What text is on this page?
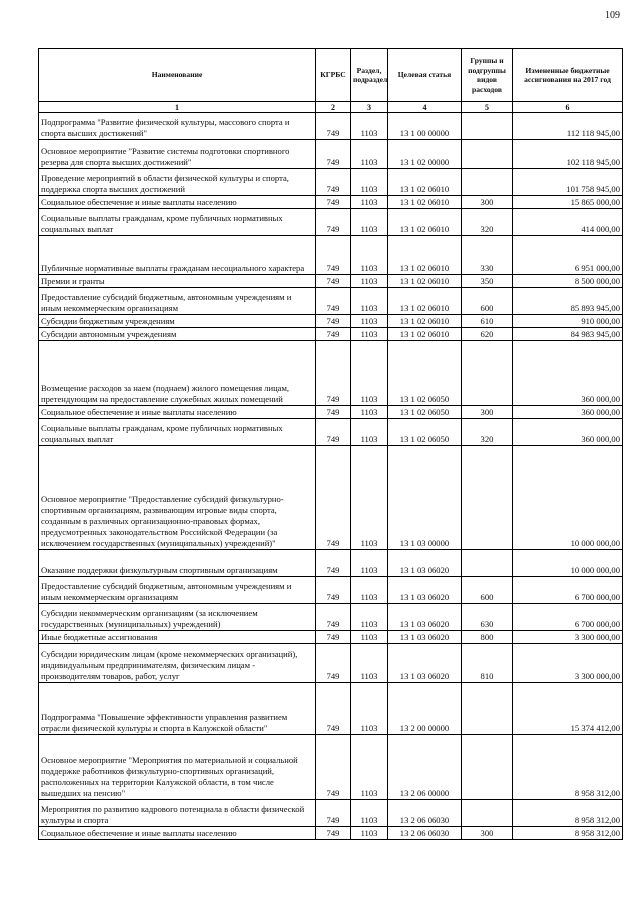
109
Наименование	КГРБС	Раздел, подраздел	Целевая статья	Группы и подгруппы видов расходов	Измененные бюджетные ассигнования на 2017 год
1	2	3	4	5	6
Подпрограмма "Развитие физической культуры, массового спорта и спорта высших достижений"	749	1103	13 1 00 00000		112 118 945,00
Основное мероприятие "Развитие системы подготовки спортивного резерва для спорта высших достижений"	749	1103	13 1 02 00000		102 118 945,00
Проведение мероприятий в области физической культуры и спорта, поддержка спорта высших достижений	749	1103	13 1 02 06010		101 758 945,00
Социальное обеспечение и иные выплаты населению	749	1103	13 1 02 06010	300	15 865 000,00
Социальные выплаты гражданам, кроме публичных нормативных социальных выплат	749	1103	13 1 02 06010	320	414 000,00
Публичные нормативные выплаты гражданам несоциального характера	749	1103	13 1 02 06010	330	6 951 000,00
Премии и гранты	749	1103	13 1 02 06010	350	8 500 000,00
Предоставление субсидий бюджетным, автономным учреждениям и иным некоммерческим организациям	749	1103	13 1 02 06010	600	85 893 945,00
Субсидии бюджетным учреждениям	749	1103	13 1 02 06010	610	910 000,00
Субсидии автономным учреждениям	749	1103	13 1 02 06010	620	84 983 945,00
Возмещение расходов за наем (поднаем) жилого помещения лицам, претендующим на предоставление служебных жилых помещений	749	1103	13 1 02 06050		360 000,00
Социальное обеспечение и иные выплаты населению	749	1103	13 1 02 06050	300	360 000,00
Социальные выплаты гражданам, кроме публичных нормативных социальных выплат	749	1103	13 1 02 06050	320	360 000,00
Основное мероприятие "Предоставление субсидий физкультурно-спортивным организациям, развивающим игровые виды спорта, созданным в различных организационно-правовых формах, предусмотренных законодательством Российской Федерации (за исключением государственных (муниципальных) учреждений)"	749	1103	13 1 03 00000		10 000 000,00
Оказание поддержки физкультурным спортивным организациям	749	1103	13 1 03 06020		10 000 000,00
Предоставление субсидий бюджетным, автономным учреждениям и иным некоммерческим организациям	749	1103	13 1 03 06020	600	6 700 000,00
Субсидии некоммерческим организациям (за исключением государственных (муниципальных) учреждений)	749	1103	13 1 03 06020	630	6 700 000,00
Иные бюджетные ассигнования	749	1103	13 1 03 06020	800	3 300 000,00
Субсидии юридическим лицам (кроме некоммерческих организаций), индивидуальным предпринимателям, физическим лицам - производителям товаров, работ, услуг	749	1103	13 1 03 06020	810	3 300 000,00
Подпрограмма "Повышение эффективности управления развитием отрасли физической культуры и спорта в Калужской области"	749	1103	13 2 00 00000		15 374 412,00
Основное мероприятие "Мероприятия по материальной и социальной поддержке работников физкультурно-спортивных организаций, расположенных на территории Калужской области, в том числе вышедших на пенсию"	749	1103	13 2 06 00000		8 958 312,00
Мероприятия по развитию кадрового потенциала в области физической культуры и спорта	749	1103	13 2 06 06030		8 958 312,00
Социальное обеспечение и иные выплаты населению	749	1103	13 2 06 06030	300	8 958 312,00
